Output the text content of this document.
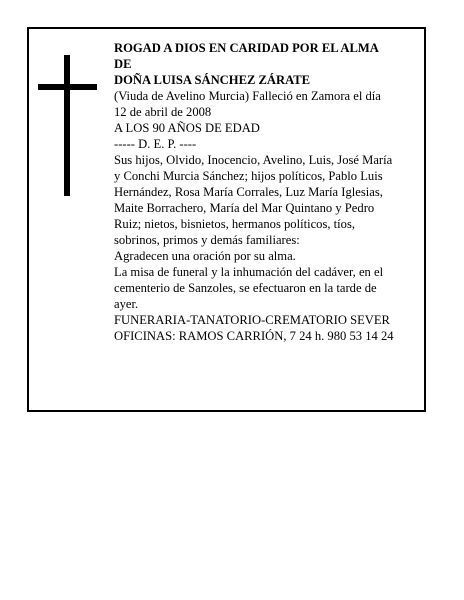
ROGAD A DIOS EN CARIDAD POR EL ALMA

DE

DOÑA LUISA SÁNCHEZ ZÁRATE

(Viuda de Avelino Murcia) Falleció en Zamora el día

12 de abril de 2008

A LOS 90 AÑOS DE EDAD

----- D. E. P. ----

Sus hijos, Olvido, Inocencio, Avelino, Luis, José María

y Conchi Murcia Sánchez; hijos políticos, Pablo Luis

Hernández, Rosa María Corrales, Luz María Iglesias,

Maite Borrachero, María del Mar Quintano y Pedro

Ruiz; nietos, bisnietos, hermanos políticos, tíos,

sobrinos, primos y demás familiares:

Agradecen una oración por su alma.

La misa de funeral y la inhumación del cadáver, en el

cementerio de Sanzoles, se efectuaron en la tarde de

ayer.

FUNERARIA-TANATORIO-CREMATORIO SEVER

OFICINAS: RAMOS CARRIÓN, 7 24 h. 980 53 14 24
